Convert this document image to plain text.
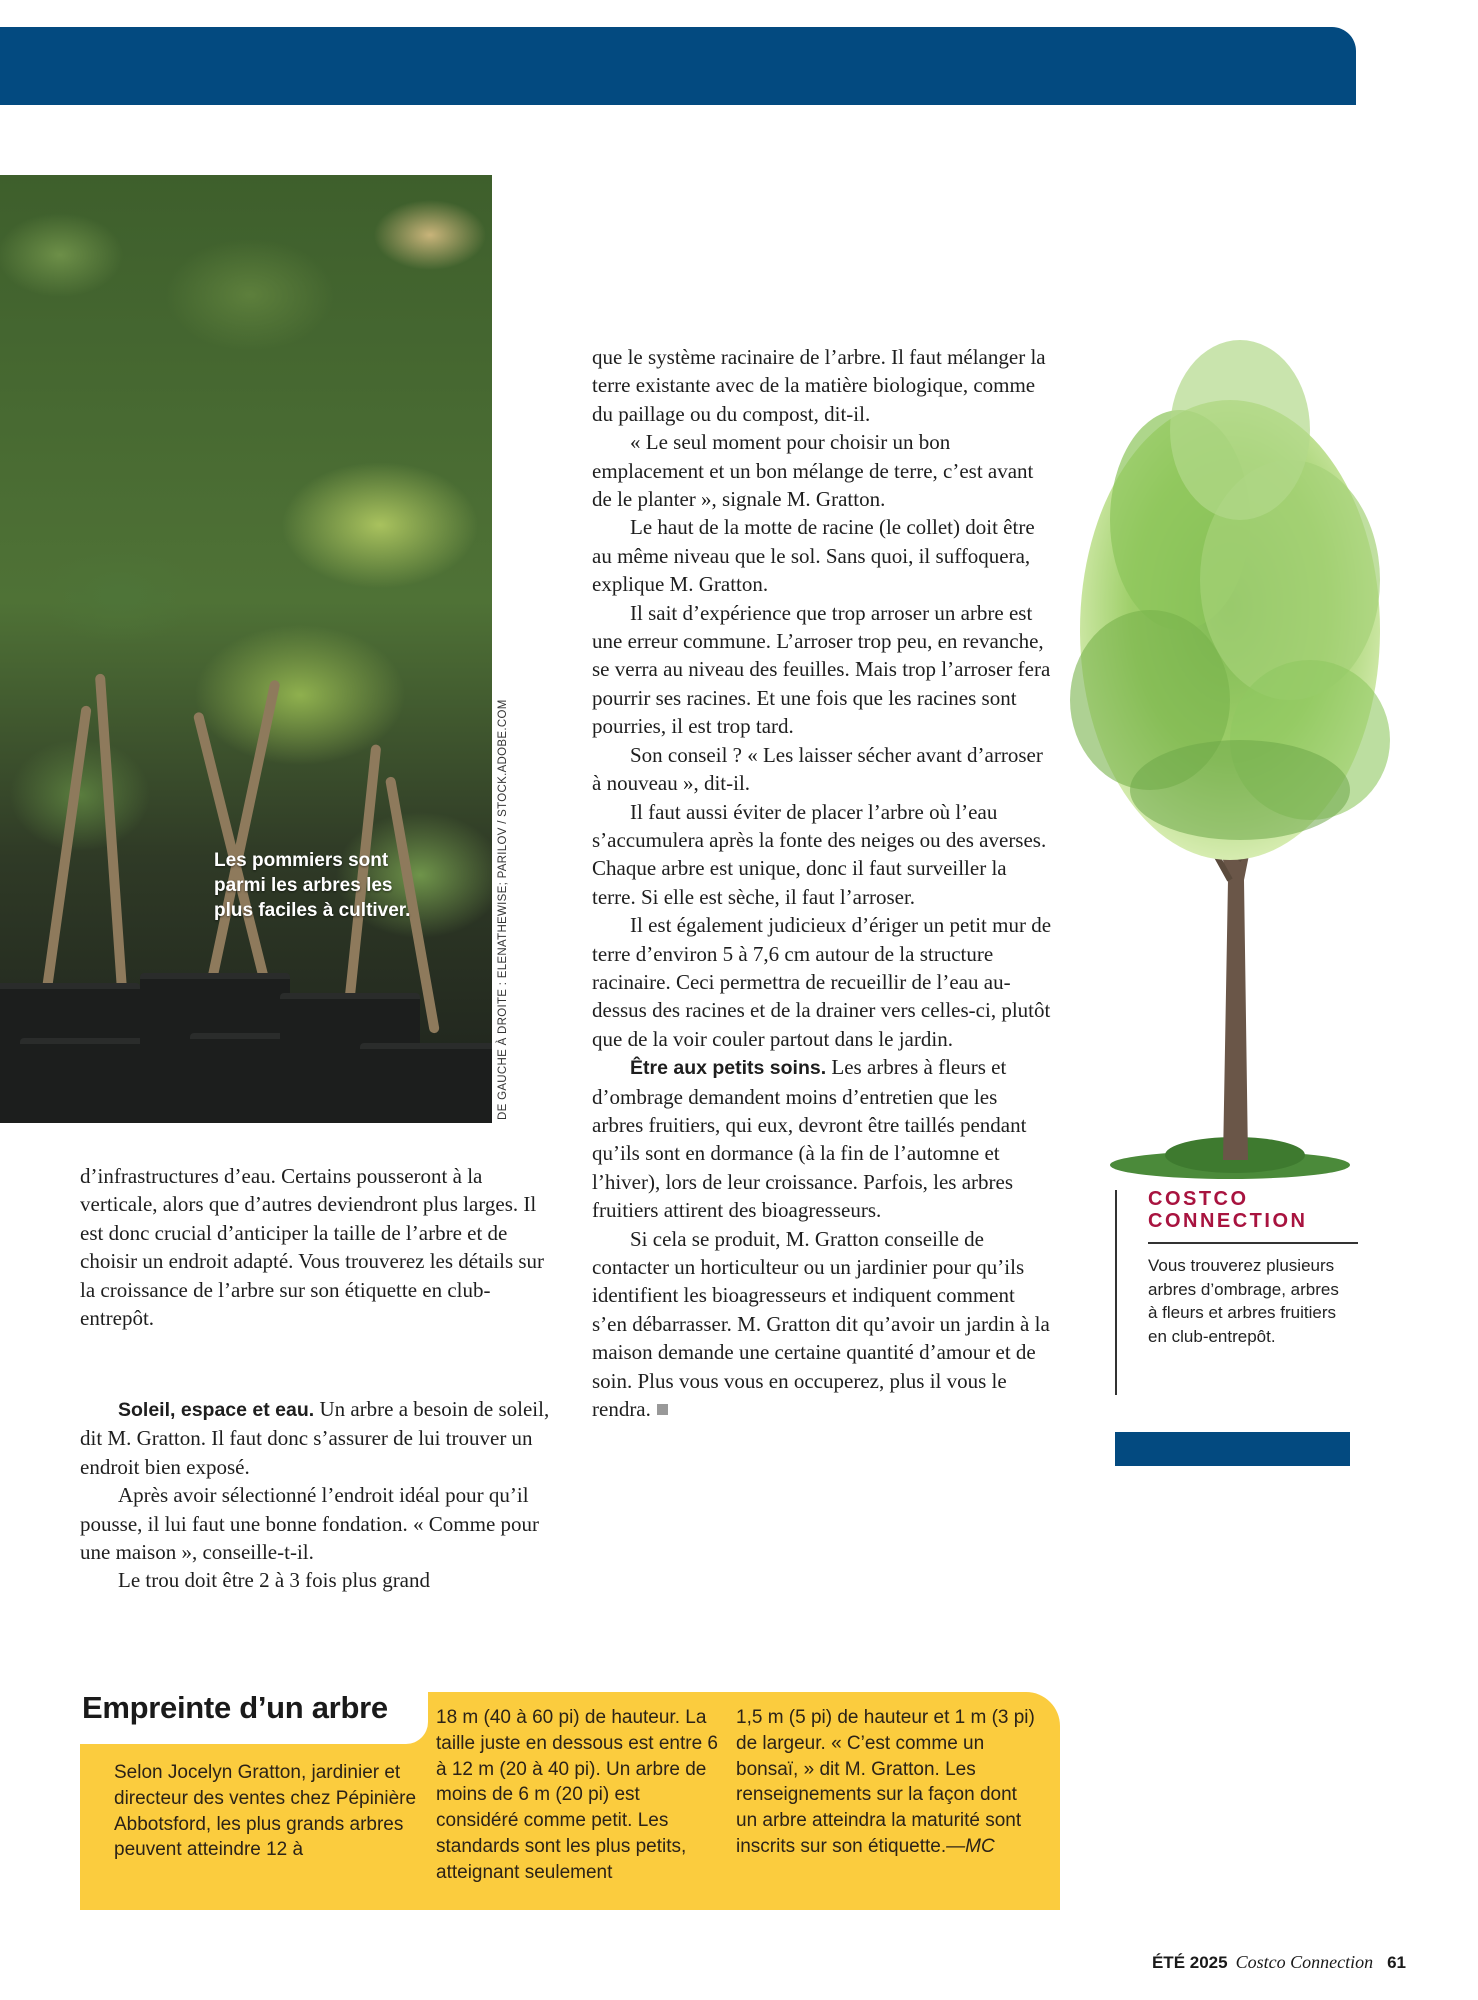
Les pommiers sont parmi les arbres les plus faciles à cultiver.	DE GAUCHE À DROITE : ELENATHEWISE; PARILOV / STOCK.ADOBE.COM

d’infrastructures d’eau. Certains pousseront à la verticale, alors que d’autres deviendront plus larges. Il est donc crucial d’anticiper la taille de l’arbre et de choisir un endroit adapté. Vous trouverez les détails sur la croissance de l’arbre sur son étiquette en club-entrepôt.

Soleil, espace et eau. Un arbre a besoin de soleil, dit M. Gratton. Il faut donc s’assurer de lui trouver un endroit bien exposé.

Après avoir sélectionné l’endroit idéal pour qu’il pousse, il lui faut une bonne fondation. « Comme pour une maison », conseille-t-il.

Le trou doit être 2 à 3 fois plus grand

que le système racinaire de l’arbre. Il faut mélanger la terre existante avec de la matière biologique, comme du paillage ou du compost, dit-il.

« Le seul moment pour choisir un bon emplacement et un bon mélange de terre, c’est avant de le planter », signale M. Gratton.

Le haut de la motte de racine (le collet) doit être au même niveau que le sol. Sans quoi, il suffoquera, explique M. Gratton.

Il sait d’expérience que trop arroser un arbre est une erreur commune. L’arroser trop peu, en revanche, se verra au niveau des feuilles. Mais trop l’arroser fera pourrir ses racines. Et une fois que les racines sont pourries, il est trop tard.

Son conseil ? « Les laisser sécher avant d’arroser à nouveau », dit-il.

Il faut aussi éviter de placer l’arbre où l’eau s’accumulera après la fonte des neiges ou des averses. Chaque arbre est unique, donc il faut surveiller la terre. Si elle est sèche, il faut l’arroser.

Il est également judicieux d’ériger un petit mur de terre d’environ 5 à 7,6 cm autour de la structure racinaire. Ceci permettra de recueillir de l’eau au-dessus des racines et de la drainer vers celles-ci, plutôt que de la voir couler partout dans le jardin.

Être aux petits soins. Les arbres à fleurs et d’ombrage demandent moins d’entretien que les arbres fruitiers, qui eux, devront être taillés pendant qu’ils sont en dormance (à la fin de l’automne et l’hiver), lors de leur croissance. Parfois, les arbres fruitiers attirent des bioagresseurs.

Si cela se produit, M. Gratton conseille de contacter un horticulteur ou un jardinier pour qu’ils identifient les bioagresseurs et indiquent comment s’en débarrasser. M. Gratton dit qu’avoir un jardin à la maison demande une certaine quantité d’amour et de soin. Plus vous vous en occuperez, plus il vous le rendra.

COSTCO
CONNECTION
Vous trouverez plusieurs arbres d’ombrage, arbres à fleurs et arbres fruitiers en club-entrepôt.
Empreinte d’un arbre
Selon Jocelyn Gratton, jardinier et directeur des ventes chez Pépinière Abbotsford, les plus grands arbres peuvent atteindre 12 à
18 m (40 à 60 pi) de hauteur. La taille juste en dessous est entre 6 à 12 m (20 à 40 pi). Un arbre de moins de 6 m (20 pi) est considéré comme petit. Les standards sont les plus petits, atteignant seulement
1,5 m (5 pi) de hauteur et 1 m (3 pi) de largeur. « C’est comme un bonsaï, » dit M. Gratton. Les renseignements sur la façon dont un arbre atteindra la maturité sont inscrits sur son étiquette.—MC
ÉTÉ 2025 Costco Connection 61
